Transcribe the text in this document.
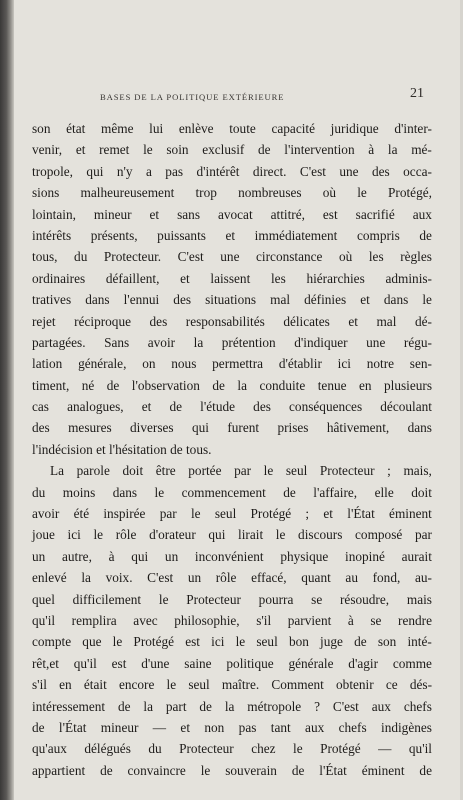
BASES DE LA POLITIQUE EXTÉRIEURE	21
son état même lui enlève toute capacité juridique d'inter-
venir, et remet le soin exclusif de l'intervention à la mé-
tropole, qui n'y a pas d'intérêt direct. C'est une des occa-
sions malheureusement trop nombreuses où le Protégé,
lointain, mineur et sans avocat attitré, est sacrifié aux
intérêts présents, puissants et immédiatement compris de
tous, du Protecteur. C'est une circonstance où les règles
ordinaires défaillent, et laissent les hiérarchies adminis-
tratives dans l'ennui des situations mal définies et dans le
rejet réciproque des responsabilités délicates et mal dé-
partagées. Sans avoir la prétention d'indiquer une régu-
lation générale, on nous permettra d'établir ici notre sen-
timent, né de l'observation de la conduite tenue en plusieurs
cas analogues, et de l'étude des conséquences découlant
des mesures diverses qui furent prises hâtivement, dans
l'indécision et l'hésitation de tous.
La parole doit être portée par le seul Protecteur ; mais,
du moins dans le commencement de l'affaire, elle doit
avoir été inspirée par le seul Protégé ; et l'État éminent
joue ici le rôle d'orateur qui lirait le discours composé par
un autre, à qui un inconvénient physique inopiné aurait
enlevé la voix. C'est un rôle effacé, quant au fond, au-
quel difficilement le Protecteur pourra se résoudre, mais
qu'il remplira avec philosophie, s'il parvient à se rendre
compte que le Protégé est ici le seul bon juge de son inté-
rêt,et qu'il est d'une saine politique générale d'agir comme
s'il en était encore le seul maître. Comment obtenir ce dés-
intéressement de la part de la métropole ? C'est aux chefs
de l'État mineur — et non pas tant aux chefs indigènes
qu'aux délégués du Protecteur chez le Protégé — qu'il
appartient de convaincre le souverain de l'État éminent de
